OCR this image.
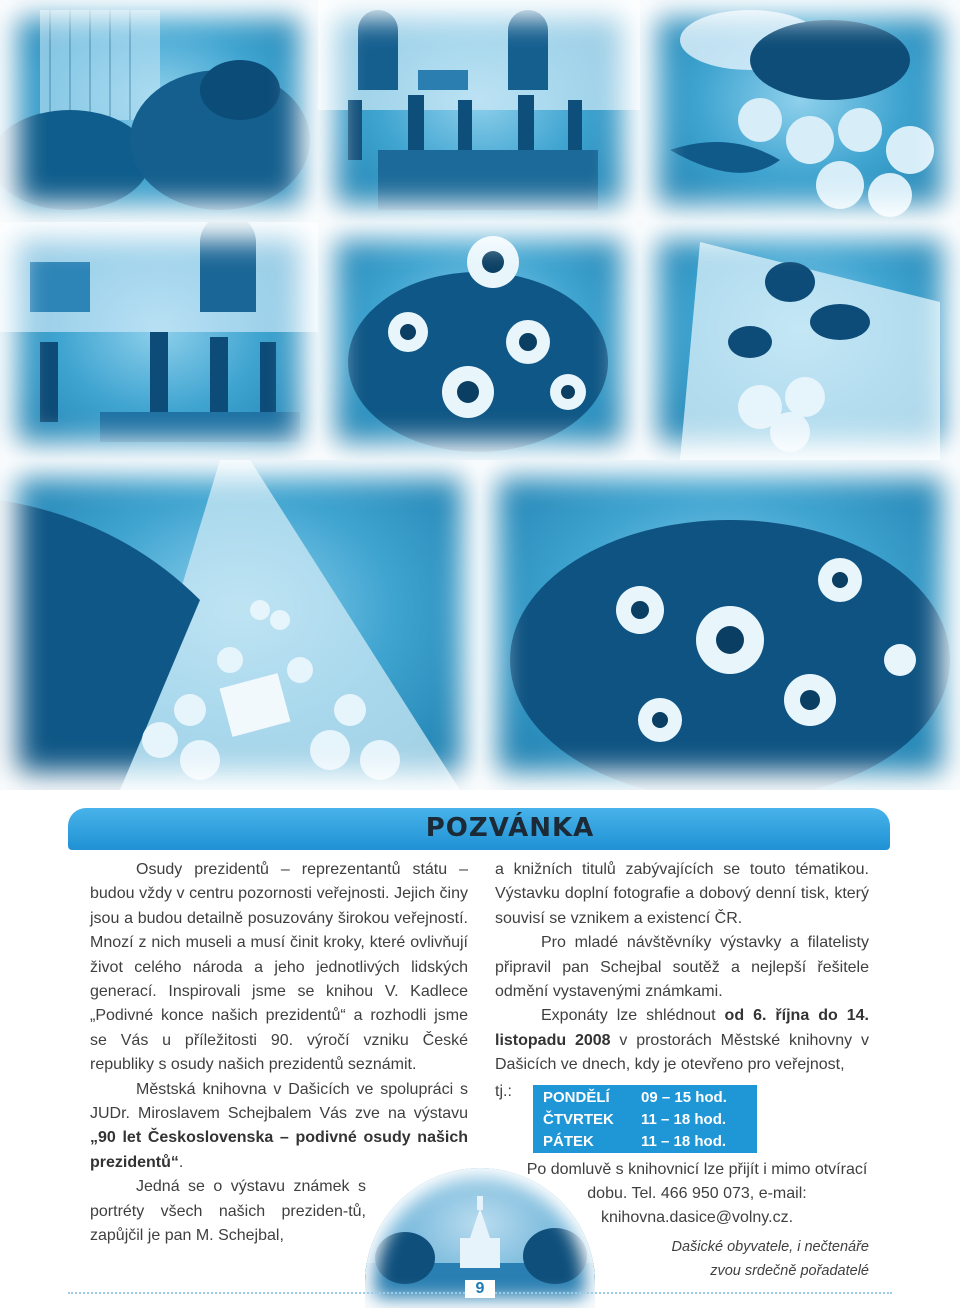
POZVÁNKA

Osudy prezidentů – reprezentantů státu – budou vždy v centru pozornosti veřejnosti. Jejich činy jsou a budou detailně posuzovány širokou veřejností. Mnozí z nich museli a musí činit kroky, které ovlivňují život celého národa a jeho jednotlivých lidských generací. Inspirovali jsme se knihou V. Kadlece „Podivné konce našich prezidentů“ a rozhodli jsme se Vás u příležitosti 90. výročí vzniku České republiky s osudy našich prezidentů seznámit.

Městská knihovna v Dašicích ve spolupráci s JUDr. Miroslavem Schejbalem Vás zve na výstavu „90 let Československa – podivné osudy našich prezidentů“.

Jedná se o výstavu známek s portréty všech našich preziden-tů, zapůjčil je pan M. Schejbal,

a knižních titulů zabývajících se touto tématikou. Výstavku doplní fotografie a dobový denní tisk, který souvisí se vznikem a existencí ČR.

Pro mladé návštěvníky výstavky a filatelisty připravil pan Schejbal soutěž a nejlepší řešitele odmění vystavenými známkami.

Exponáty lze shlédnout od 6. října do 14. listopadu 2008 v prostorách Městské knihovny v Dašicích ve dnech, kdy je otevřeno pro veřejnost,

tj.: PONDĚLÍ	09 – 15 hod.
ČTVRTEK	11 – 18 hod.
PÁTEK	11 – 18 hod.

Po domluvě s knihovnicí lze přijít i mimo otvírací dobu. Tel. 466 950 073, e-mail: knihovna.dasice@volny.cz.

Dašické obyvatele, i nečtenáře

zvou srdečně pořadatelé

9
